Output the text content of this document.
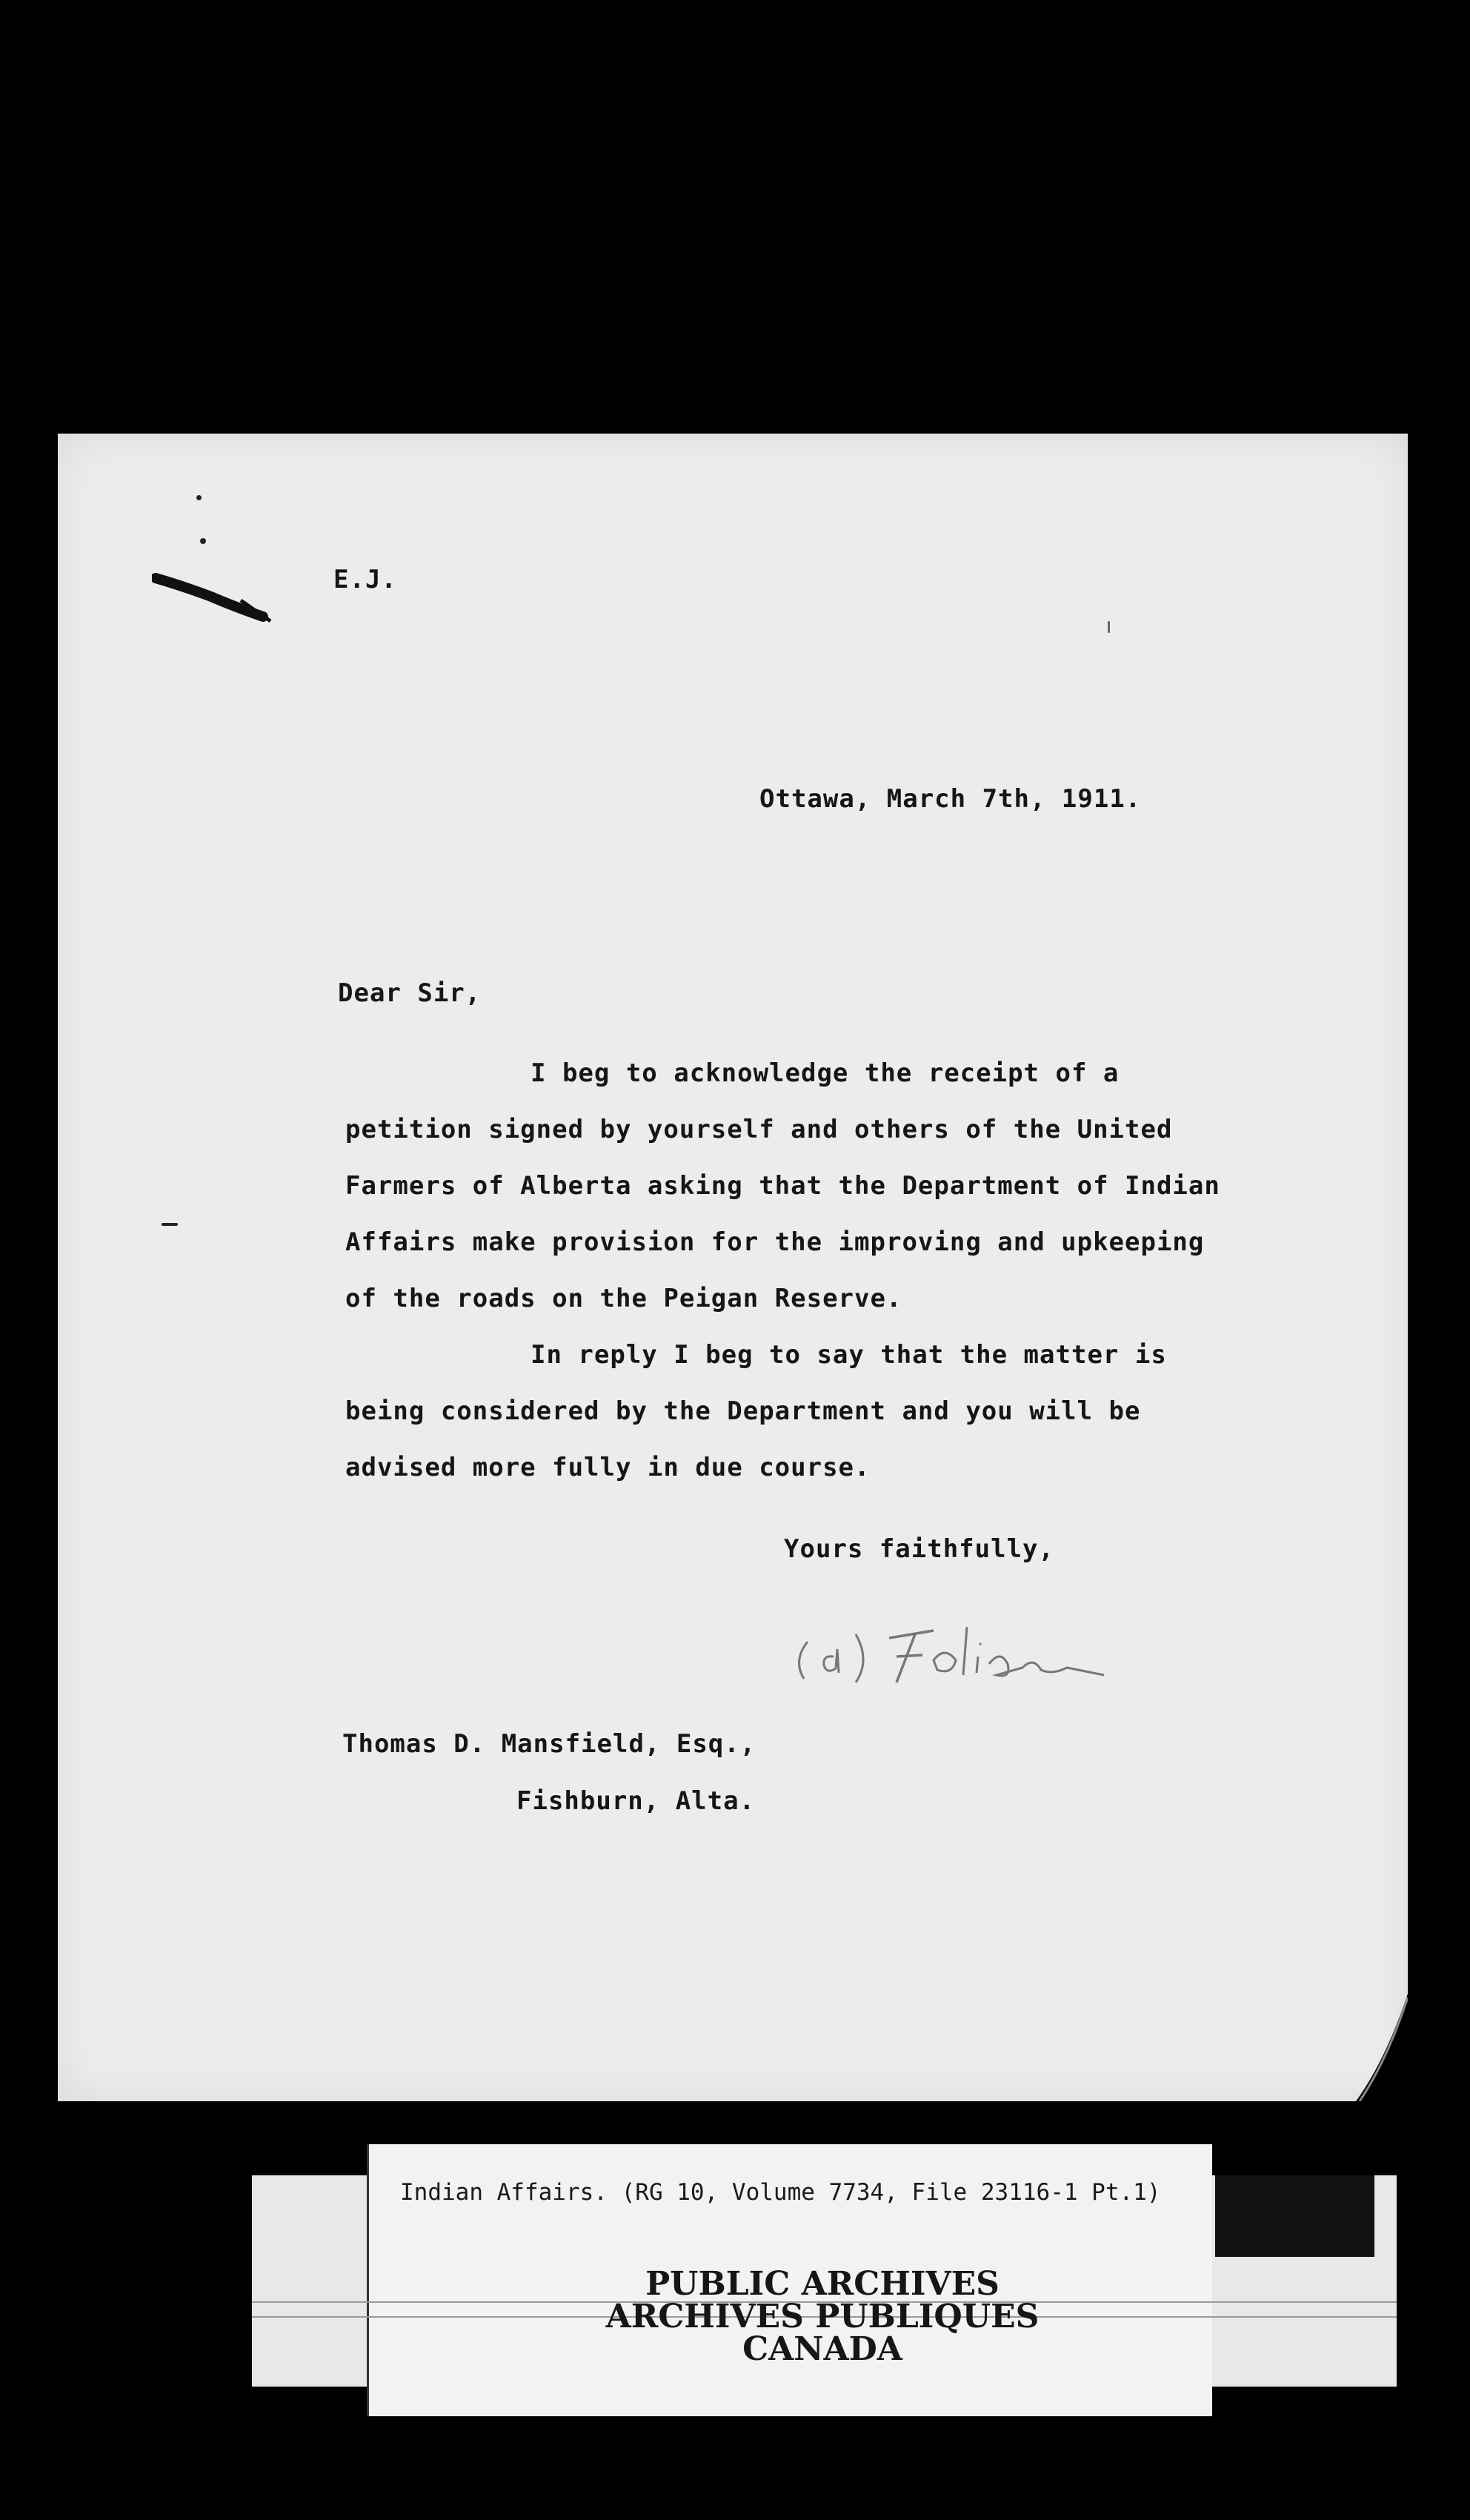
E.J.
Ottawa, March 7th, 1911.
Dear Sir,
I beg to acknowledge the receipt of a
petition signed by yourself and others of the United
Farmers of Alberta asking that the Department of Indian
Affairs make provision for the improving and upkeeping
of the roads on the Peigan Reserve.
In reply I beg to say that the matter is
being considered by the Department and you will be
advised more fully in due course.
Yours faithfully,
Thomas D. Mansfield, Esq.,
Fishburn, Alta.
Indian Affairs. (RG 10, Volume 7734, File 23116-1 Pt.1)
PUBLIC ARCHIVES
ARCHIVES PUBLIQUES
CANADA
